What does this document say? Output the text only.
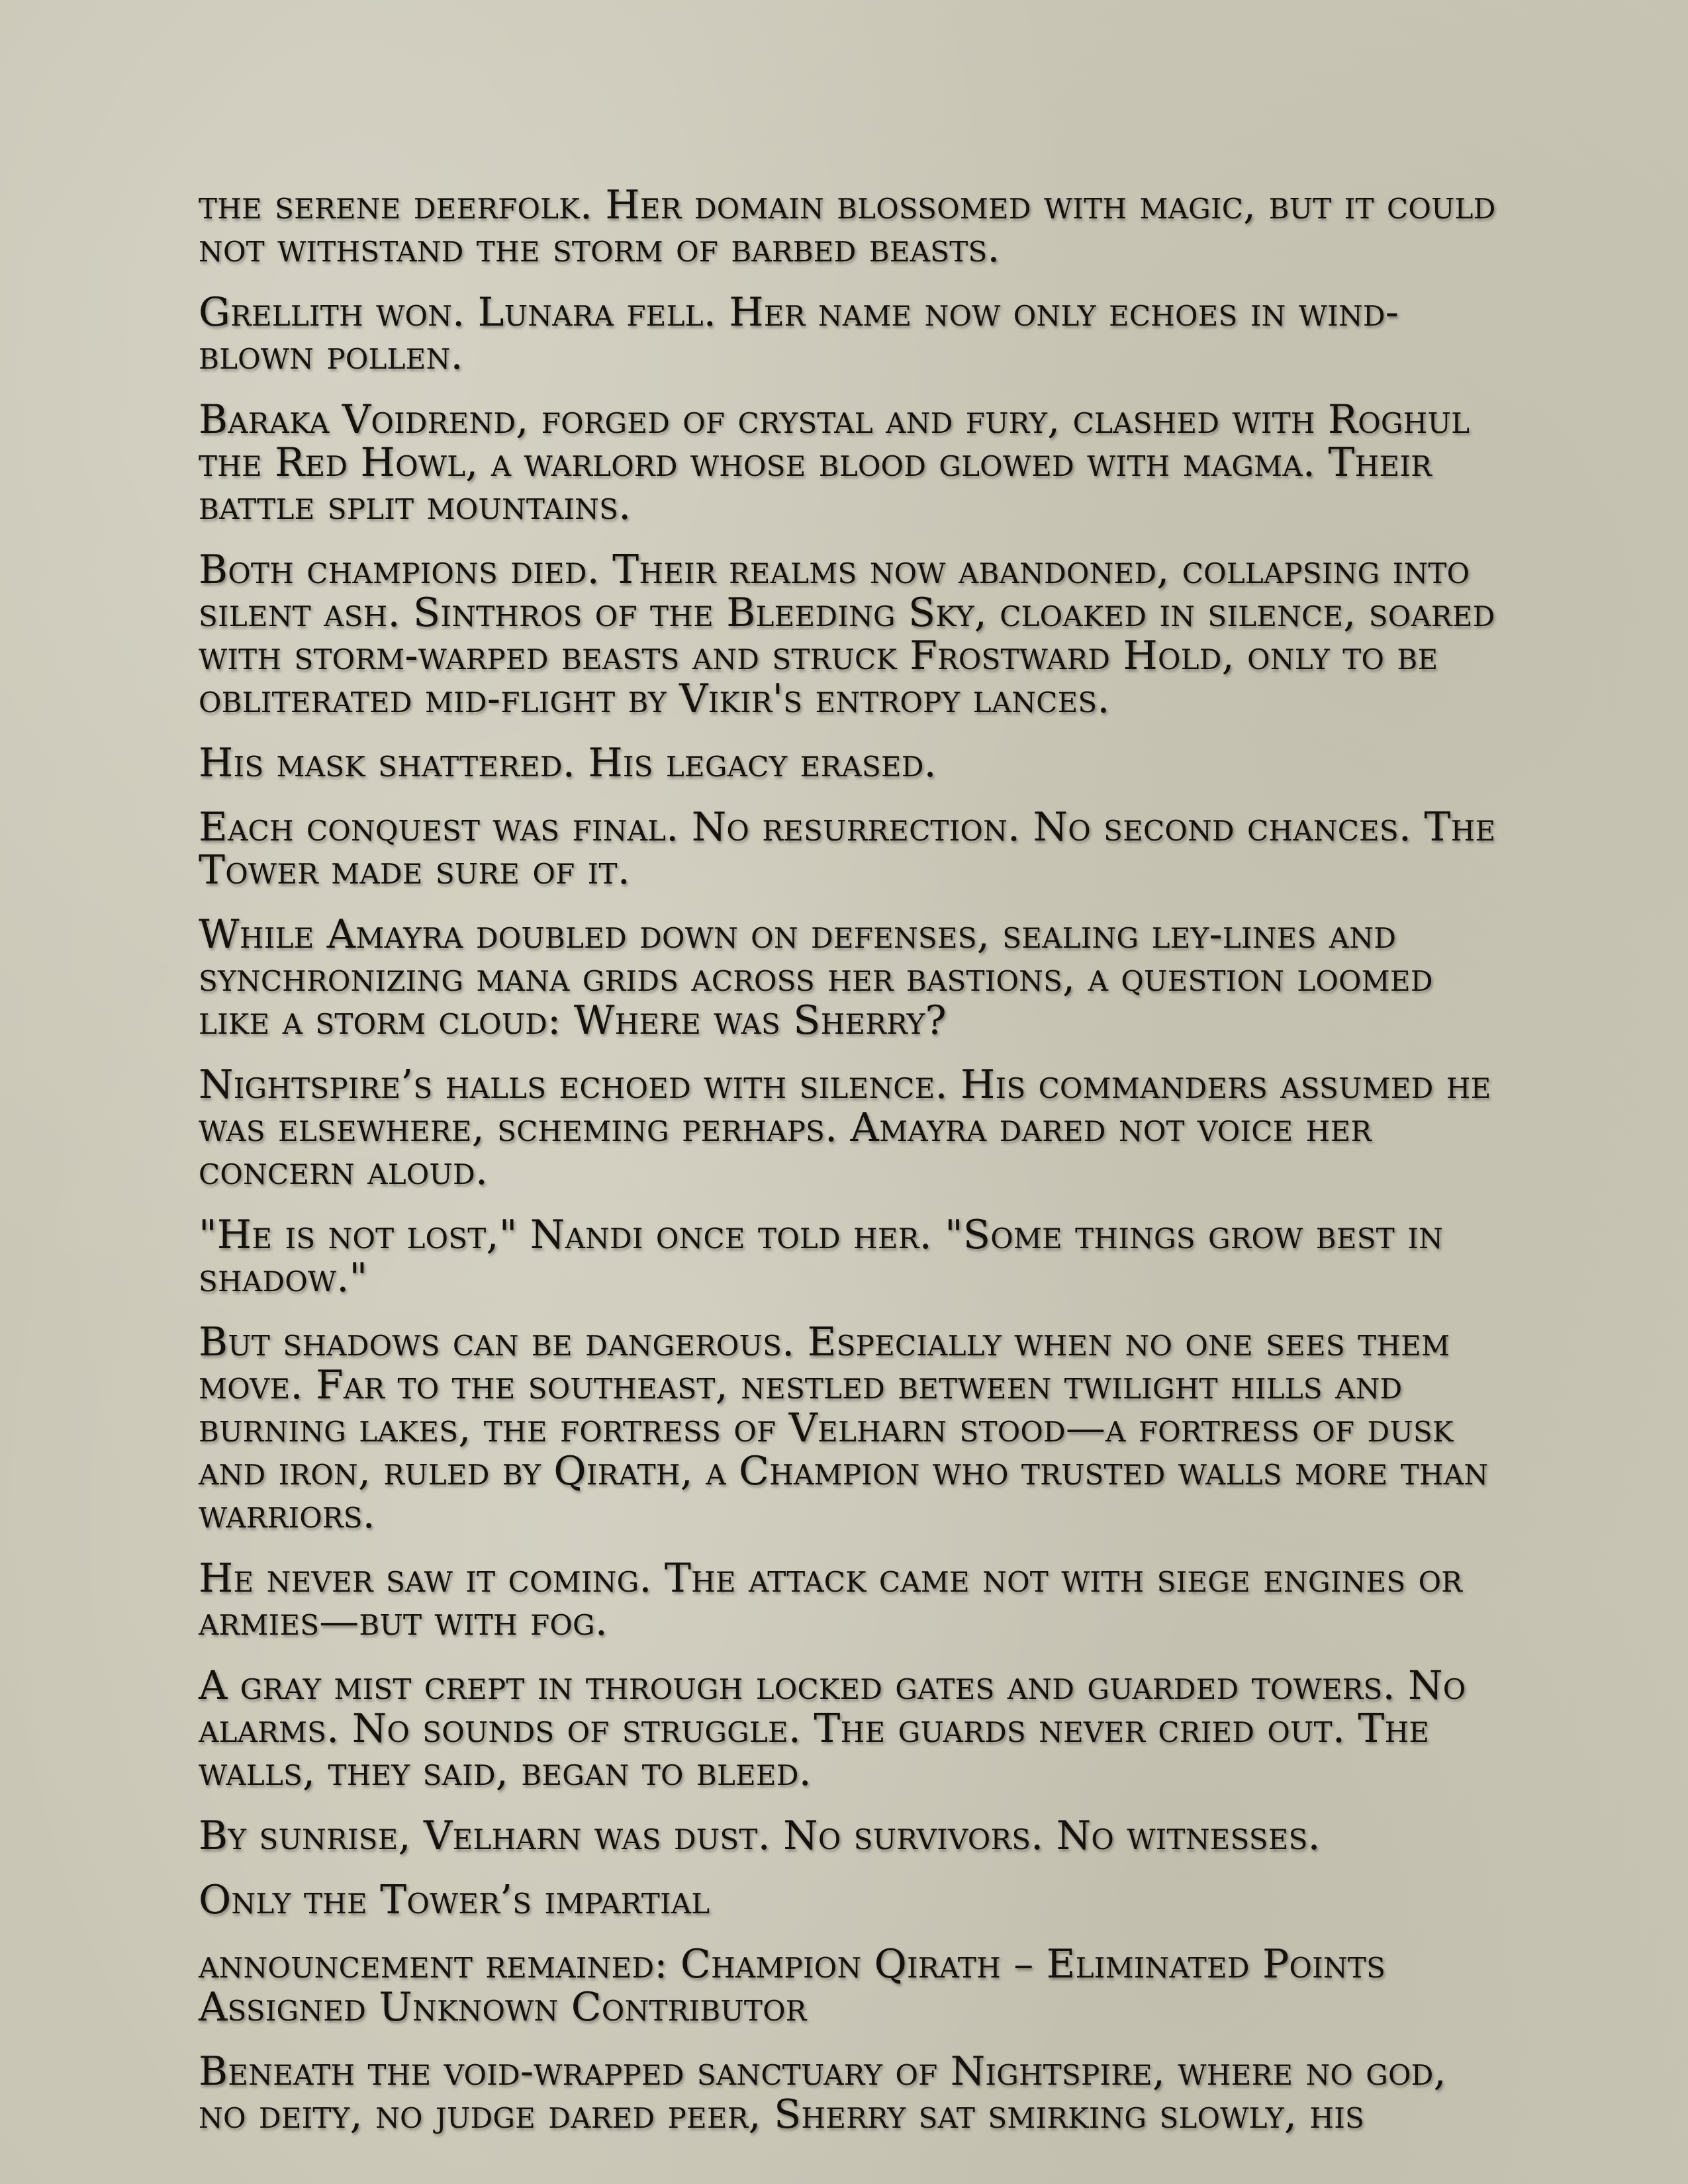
the serene deerfolk. Her domain blossomed with magic, but it could not withstand the storm of barbed beasts.

Grellith won. Lunara fell. Her name now only echoes in wind-blown pollen.

Baraka Voidrend, forged of crystal and fury, clashed with Roghul the Red Howl, a warlord whose blood glowed with magma. Their battle split mountains.

Both champions died. Their realms now abandoned, collapsing into silent ash. Sinthros of the Bleeding Sky, cloaked in silence, soared with storm-warped beasts and struck Frostward Hold, only to be obliterated mid-flight by Vikir's entropy lances.

His mask shattered. His legacy erased.

Each conquest was final. No resurrection. No second chances. The Tower made sure of it.

While Amayra doubled down on defenses, sealing ley-lines and synchronizing mana grids across her bastions, a question loomed like a storm cloud: Where was Sherry?

Nightspire’s halls echoed with silence. His commanders assumed he was elsewhere, scheming perhaps. Amayra dared not voice her concern aloud.

"He is not lost," Nandi once told her. "Some things grow best in shadow."

But shadows can be dangerous. Especially when no one sees them move. Far to the southeast, nestled between twilight hills and burning lakes, the fortress of Velharn stood—a fortress of dusk and iron, ruled by Qirath, a Champion who trusted walls more than warriors.

He never saw it coming. The attack came not with siege engines or armies—but with fog.

A gray mist crept in through locked gates and guarded towers. No alarms. No sounds of struggle. The guards never cried out. The walls, they said, began to bleed.

By sunrise, Velharn was dust. No survivors. No witnesses.

Only the Tower’s impartial

announcement remained: Champion Qirath – Eliminated Points Assigned Unknown Contributor

Beneath the void-wrapped sanctuary of Nightspire, where no god, no deity, no judge dared peer, Sherry sat smirking slowly, his
